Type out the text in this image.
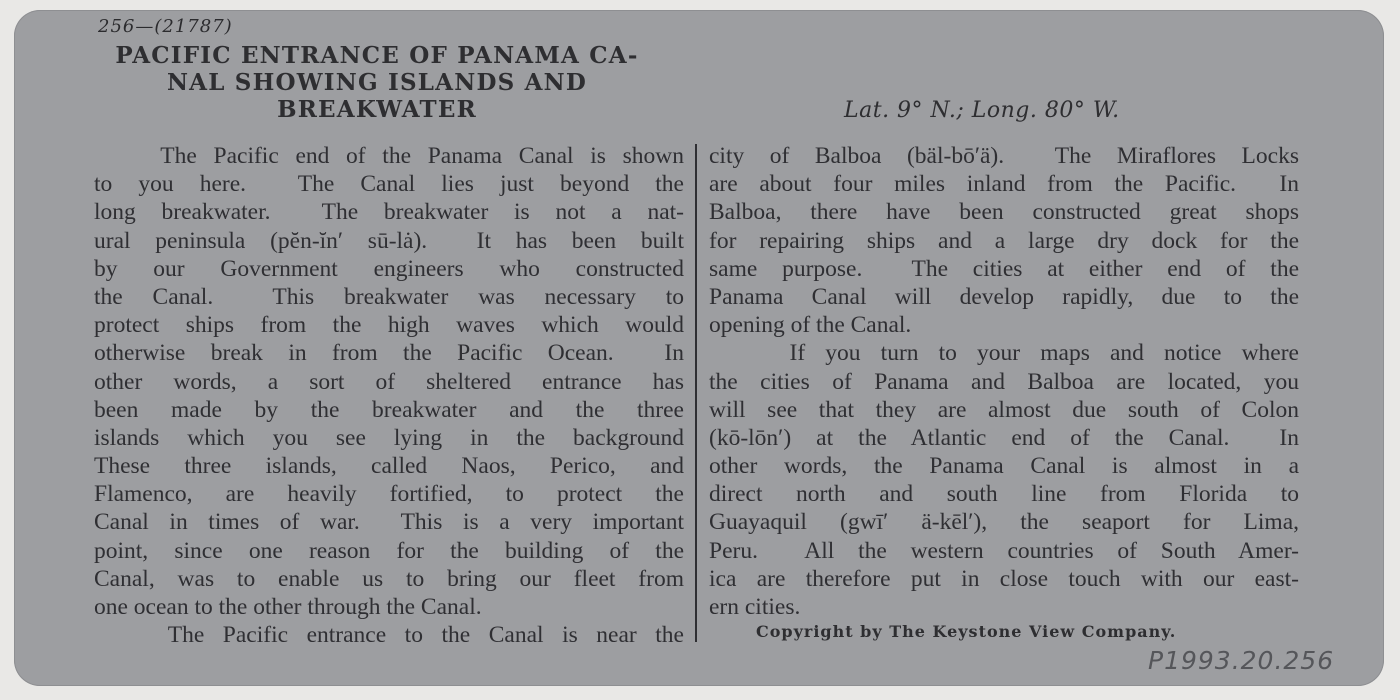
256—(21787)
PACIFIC ENTRANCE OF PANAMA CA-
NAL SHOWING ISLANDS AND
BREAKWATER	Lat. 9° N.; Long. 80° W.
The Pacific end of the Panama Canal is shown
to you here.  The Canal lies just beyond the
long breakwater.  The breakwater is not a nat-
ural peninsula (pĕn-ĭn′ sū-lȧ).  It has been built
by our Government engineers who constructed
the Canal.  This breakwater was necessary to
protect ships from the high waves which would
otherwise break in from the Pacific Ocean.  In
other words, a sort of sheltered entrance has
been made by the breakwater and the three
islands which you see lying in the background
These three islands, called Naos, Perico, and
Flamenco, are heavily fortified, to protect the
Canal in times of war.  This is a very important
point, since one reason for the building of the
Canal, was to enable us to bring our fleet from
one ocean to the other through the Canal.
The Pacific entrance to the Canal is near the
city of Balboa (bäl-bō′ä).  The Miraflores Locks
are about four miles inland from the Pacific.  In
Balboa, there have been constructed great shops
for repairing ships and a large dry dock for the
same purpose.  The cities at either end of the
Panama Canal will develop rapidly, due to the
opening of the Canal.
If you turn to your maps and notice where
the cities of Panama and Balboa are located, you
will see that they are almost due south of Colon
(kō-lōn′) at the Atlantic end of the Canal.  In
other words, the Panama Canal is almost in a
direct north and south line from Florida to
Guayaquil (gwī′ ä-kēl′), the seaport for Lima,
Peru.  All the western countries of South Amer-
ica are therefore put in close touch with our east-
ern cities.
Copyright by The Keystone View Company.
P1993.20.256
